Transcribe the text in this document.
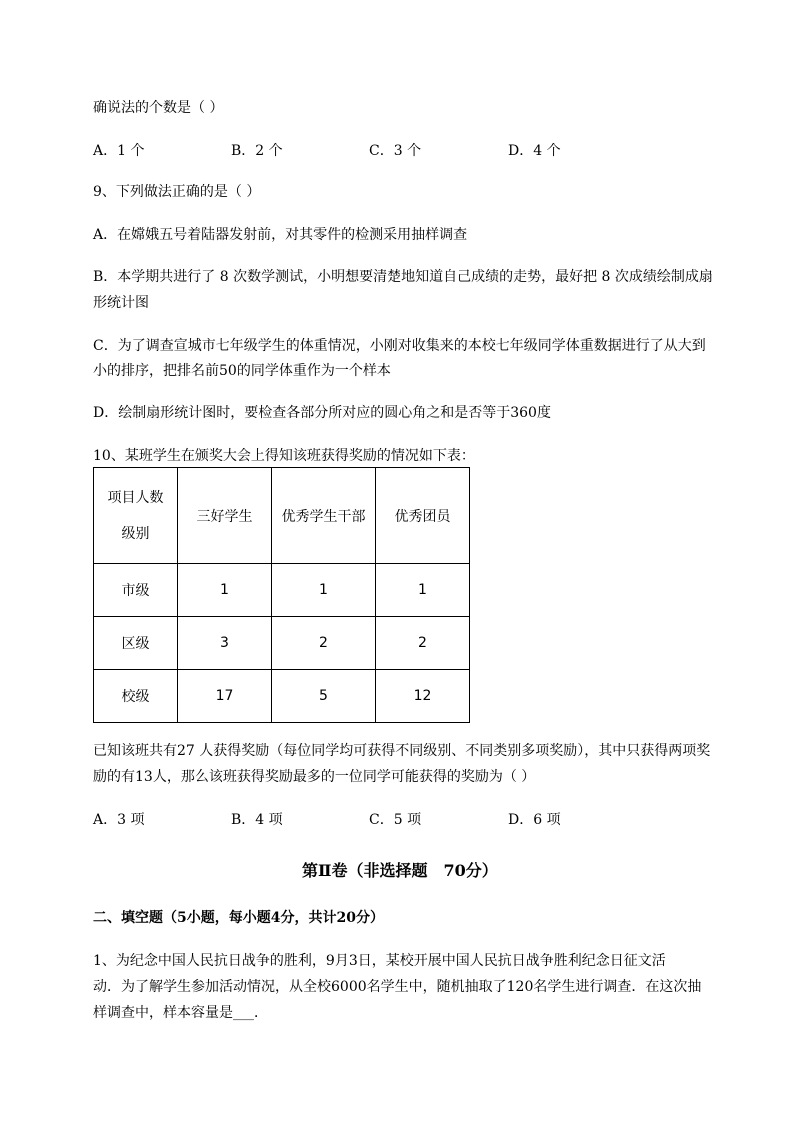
确说法的个数是（ ）
A．1 个	B．2 个	C．3 个	D．4 个
9、下列做法正确的是（ ）
A．在嫦娥五号着陆器发射前，对其零件的检测采用抽样调查
B．本学期共进行了 8 次数学测试，小明想要清楚地知道自己成绩的走势，最好把 8 次成绩绘制成扇
形统计图
C．为了调查宣城市七年级学生的体重情况，小刚对收集来的本校七年级同学体重数据进行了从大到
小的排序，把排名前50的同学体重作为一个样本
D．绘制扇形统计图时，要检查各部分所对应的圆心角之和是否等于360度
10、某班学生在颁奖大会上得知该班获得奖励的情况如下表：
项目人数
级别	三好学生	优秀学生干部	优秀团员
市级	1	1	1
区级	3	2	2
校级	17	5	12
已知该班共有27 人获得奖励（每位同学均可获得不同级别、不同类别多项奖励），其中只获得两项奖
励的有13人，那么该班获得奖励最多的一位同学可能获得的奖励为（ ）
A．3 项	B．4 项	C．5 项	D．6 项
第Ⅱ卷（非选择题　70分）
二、填空题（5小题，每小题4分，共计20分）
1、为纪念中国人民抗日战争的胜利，9月3日，某校开展中国人民抗日战争胜利纪念日征文活
动．为了解学生参加活动情况，从全校6000名学生中，随机抽取了120名学生进行调查．在这次抽
样调查中，样本容量是___．
